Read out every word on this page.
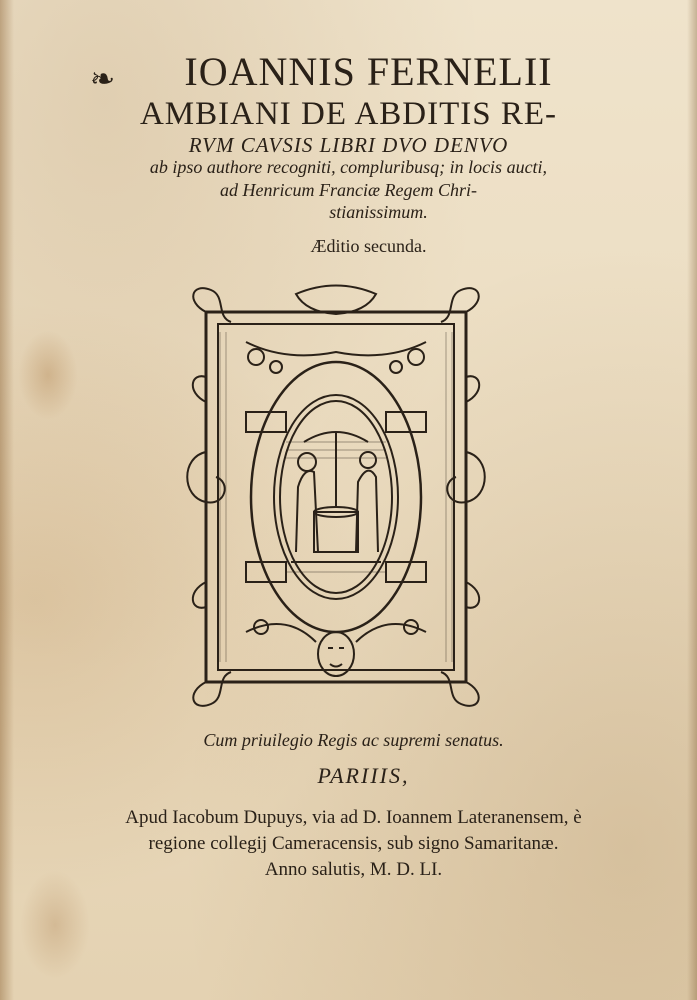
❧	IOANNIS FERNELII
AMBIANI DE ABDITIS RE-
RVM CAVSIS LIBRI DVO DENVO
ab ipso authore recogniti, compluribusq; in locis aucti,
ad Henricum Franciæ Regem Chri-
stianissimum.
Æditio secunda.
Cum priuilegio Regis ac supremi senatus.
PARIIIS,
Apud Iacobum Dupuys, via ad D. Ioannem Lateranensem, è
regione collegij Cameracensis, sub signo Samaritanæ.
Anno salutis, M. D. LI.
